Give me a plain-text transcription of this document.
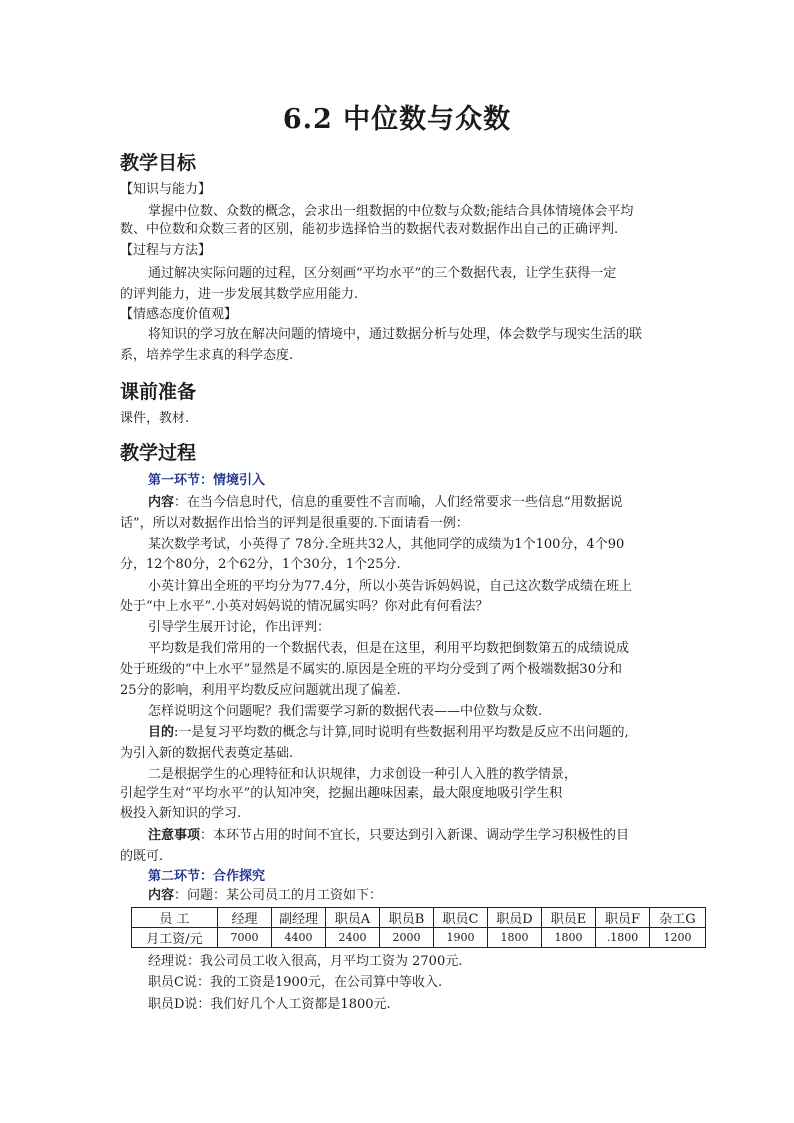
6.2 中位数与众数
教学目标
【知识与能力】
掌握中位数、众数的概念，会求出一组数据的中位数与众数;能结合具体情境体会平均
数、中位数和众数三者的区别，能初步选择恰当的数据代表对数据作出自己的正确评判.
【过程与方法】
通过解决实际问题的过程，区分刻画“平均水平”的三个数据代表，让学生获得一定
的评判能力，进一步发展其数学应用能力.
【情感态度价值观】
将知识的学习放在解决问题的情境中，通过数据分析与处理，体会数学与现实生活的联
系，培养学生求真的科学态度.
课前准备
课件，教材.
教学过程
第一环节：情境引入
内容：在当今信息时代，信息的重要性不言而喻，人们经常要求一些信息“用数据说
话”，所以对数据作出恰当的评判是很重要的.下面请看一例：
某次数学考试，小英得了 78分.全班共32人，其他同学的成绩为1个100分，4个90
分，12个80分，2个62分，1个30分，1个25分.
小英计算出全班的平均分为77.4分，所以小英告诉妈妈说，自己这次数学成绩在班上
处于“中上水平”.小英对妈妈说的情况属实吗？你对此有何看法？
引导学生展开讨论，作出评判：
平均数是我们常用的一个数据代表，但是在这里，利用平均数把倒数第五的成绩说成
处于班级的“中上水平”显然是不属实的.原因是全班的平均分受到了两个极端数据30分和
25分的影响，利用平均数反应问题就出现了偏差.
怎样说明这个问题呢？我们需要学习新的数据代表——中位数与众数.
目的:一是复习平均数的概念与计算,同时说明有些数据利用平均数是反应不出问题的,
为引入新的数据代表奠定基础.
二是根据学生的心理特征和认识规律，力求创设一种引人入胜的教学情景，
引起学生对“平均水平”的认知冲突，挖掘出趣味因素，最大限度地吸引学生积
极投入新知识的学习.
注意事项：本环节占用的时间不宜长，只要达到引入新课、调动学生学习积极性的目
的既可.
第二环节：合作探究
内容：问题：某公司员工的月工资如下：
员 工	经理	副经理	职员A	职员B	职员C	职员D	职员E	职员F	杂工G
月工资/元	7000	4400	2400	2000	1900	1800	1800	.1800	1200
经理说：我公司员工收入很高，月平均工资为 2700元.
职员C说：我的工资是1900元，在公司算中等收入.
职员D说：我们好几个人工资都是1800元.
